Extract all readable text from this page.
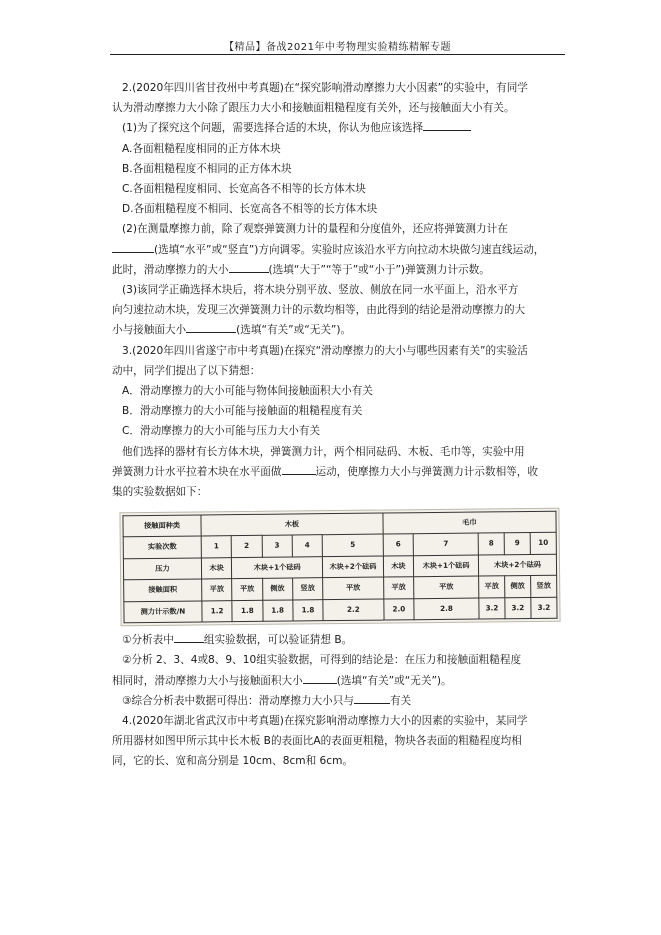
【精品】备战2021年中考物理实验精练精解专题

2.(2020年四川省甘孜州中考真题)在“探究影响滑动摩擦力大小因素”的实验中，有同学

认为滑动摩擦力大小除了跟压力大小和接触面粗糙程度有关外，还与接触面大小有关。

(1)为了探究这个问题，需要选择合适的木块，你认为他应该选择

A.各面粗糙程度相同的正方体木块

B.各面粗糙程度不相同的正方体木块

C.各面粗糙程度相同、长宽高各不相等的长方体木块

D.各面粗糙程度不相同、长宽高各不相等的长方体木块

(2)在测量摩擦力前，除了观察弹簧测力计的量程和分度值外，还应将弹簧测力计在

(选填“水平”或“竖直”)方向调零。实验时应该沿水平方向拉动木块做匀速直线运动，

此时，滑动摩擦力的大小	(选填“大于”“等于”或“小于”)弹簧测力计示数。

(3)该同学正确选择木块后，将木块分别平放、竖放、侧放在同一水平面上，沿水平方

向匀速拉动木块，发现三次弹簧测力计的示数均相等，由此得到的结论是滑动摩擦力的大

小与接触面大小	(选填“有关”或“无关”)。

3.(2020年四川省遂宁市中考真题)在探究“滑动摩擦力的大小与哪些因素有关”的实验活

动中，同学们提出了以下猜想：

A．滑动摩擦力的大小可能与物体间接触面积大小有关

B．滑动摩擦力的大小可能与接触面的粗糙程度有关

C．滑动摩擦力的大小可能与压力大小有关

他们选择的器材有长方体木块，弹簧测力计，两个相同砝码、木板、毛巾等，实验中用

弹簧测力计水平拉着木块在水平面做	运动，使摩擦力大小与弹簧测力计示数相等，收

集的实验数据如下：

接触面种类	木板					毛巾				
实验次数	1	2	3	4	5	6	7	8	9	10
压力	木块	木块+1个砝码			木块+2个砝码	木块	木块+1个砝码	木块+2个砝码		
接触面积	平放	平放	侧放	竖放	平放	平放	平放	平放	侧放	竖放
测力计示数/N	1.2	1.8	1.8	1.8	2.2	2.0	2.8	3.2	3.2	3.2

①分析表中	组实验数据，可以验证猜想 B。

②分析 2、3、4或8、9、10组实验数据，可得到的结论是：在压力和接触面粗糙程度

相同时，滑动摩擦力大小与接触面积大小	(选填“有关”或“无关”)。

③综合分析表中数据可得出：滑动摩擦力大小只与	有关

4.(2020年湖北省武汉市中考真题)在探究影响滑动摩擦力大小的因素的实验中，某同学

所用器材如图甲所示其中长木板 B的表面比A的表面更粗糙，物块各表面的粗糙程度均相

同，它的长、宽和高分别是 10cm、8cm和 6cm。
